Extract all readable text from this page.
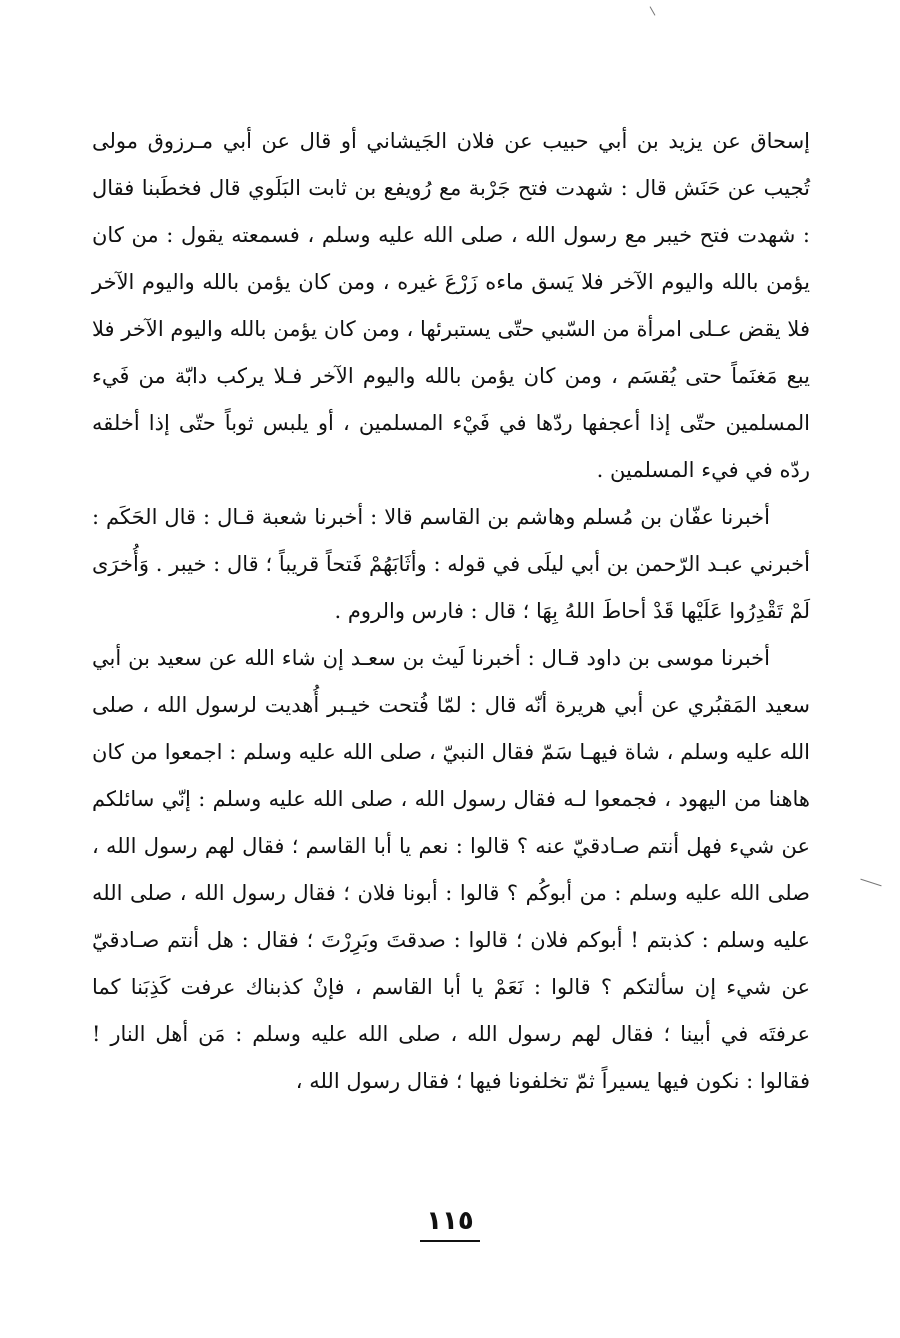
إسحاق عن يزيد بن أبي حبيب عن فلان الجَيشاني أو قال عن أبي مـرزوق مولى تُجيب عن حَنَش قال : شهدت فتح جَرْبة مع رُويفع بن ثابت البَلَوي قال فخطَبنا فقال : شهدت فتح خيبر مع رسول الله ، صلى الله عليه وسلم ، فسمعته يقول : من كان يؤمن بالله واليوم الآخر فلا يَسق ماءه زَرْعَ غيره ، ومن كان يؤمن بالله واليوم الآخر فلا يقض عـلى امرأة من السّبي حتّى يستبرئها ، ومن كان يؤمن بالله واليوم الآخر فلا يبع مَغنَماً حتى يُقسَم ، ومن كان يؤمن بالله واليوم الآخر فـلا يركب دابّة من فَيء المسلمين حتّى إذا أعجفها ردّها في فَيْء المسلمين ، أو يلبس ثوباً حتّى إذا أخلقه ردّه في فيء المسلمين .

أخبرنا عفّان بن مُسلم وهاشم بن القاسم قالا : أخبرنا شعبة قـال : قال الحَكَم : أخبرني عبـد الرّحمن بن أبي ليلَى في قوله : وأثَابَهُمْ فَتحاً قريباً ؛ قال : خيبر . وَأُخرَى لَمْ تَقْدِرُوا عَلَيْها قَدْ أحاطَ اللهُ بِهَا ؛ قال : فارس والروم .

أخبرنا موسى بن داود قـال : أخبرنا لَيث بن سعـد إن شاء الله عن سعيد بن أبي سعيد المَقبُري عن أبي هريرة أنّه قال : لمّا فُتحت خيـبر أُهديت لرسول الله ، صلى الله عليه وسلم ، شاة فيهـا سَمّ فقال النبيّ ، صلى الله عليه وسلم : اجمعوا من كان هاهنا من اليهود ، فجمعوا لـه فقال رسول الله ، صلى الله عليه وسلم : إنّي سائلكم عن شيء فهل أنتم صـادقيّ عنه ؟ قالوا : نعم يا أبا القاسم ؛ فقال لهم رسول الله ، صلى الله عليه وسلم : من أبوكُم ؟ قالوا : أبونا فلان ؛ فقال رسول الله ، صلى الله عليه وسلم : كذبتم ! أبوكم فلان ؛ قالوا : صدقتَ وبَرِرْتَ ؛ فقال : هل أنتم صـادقيّ عن شيء إن سألتكم ؟ قالوا : نَعَمْ يا أبا القاسم ، فإنْ كذبناك عرفت كَذِبَنا كما عرفتَه في أبينا ؛ فقال لهم رسول الله ، صلى الله عليه وسلم : مَن أهل النار ! فقالوا : نكون فيها يسيراً ثمّ تخلفونا فيها ؛ فقال رسول الله ،

١١٥
